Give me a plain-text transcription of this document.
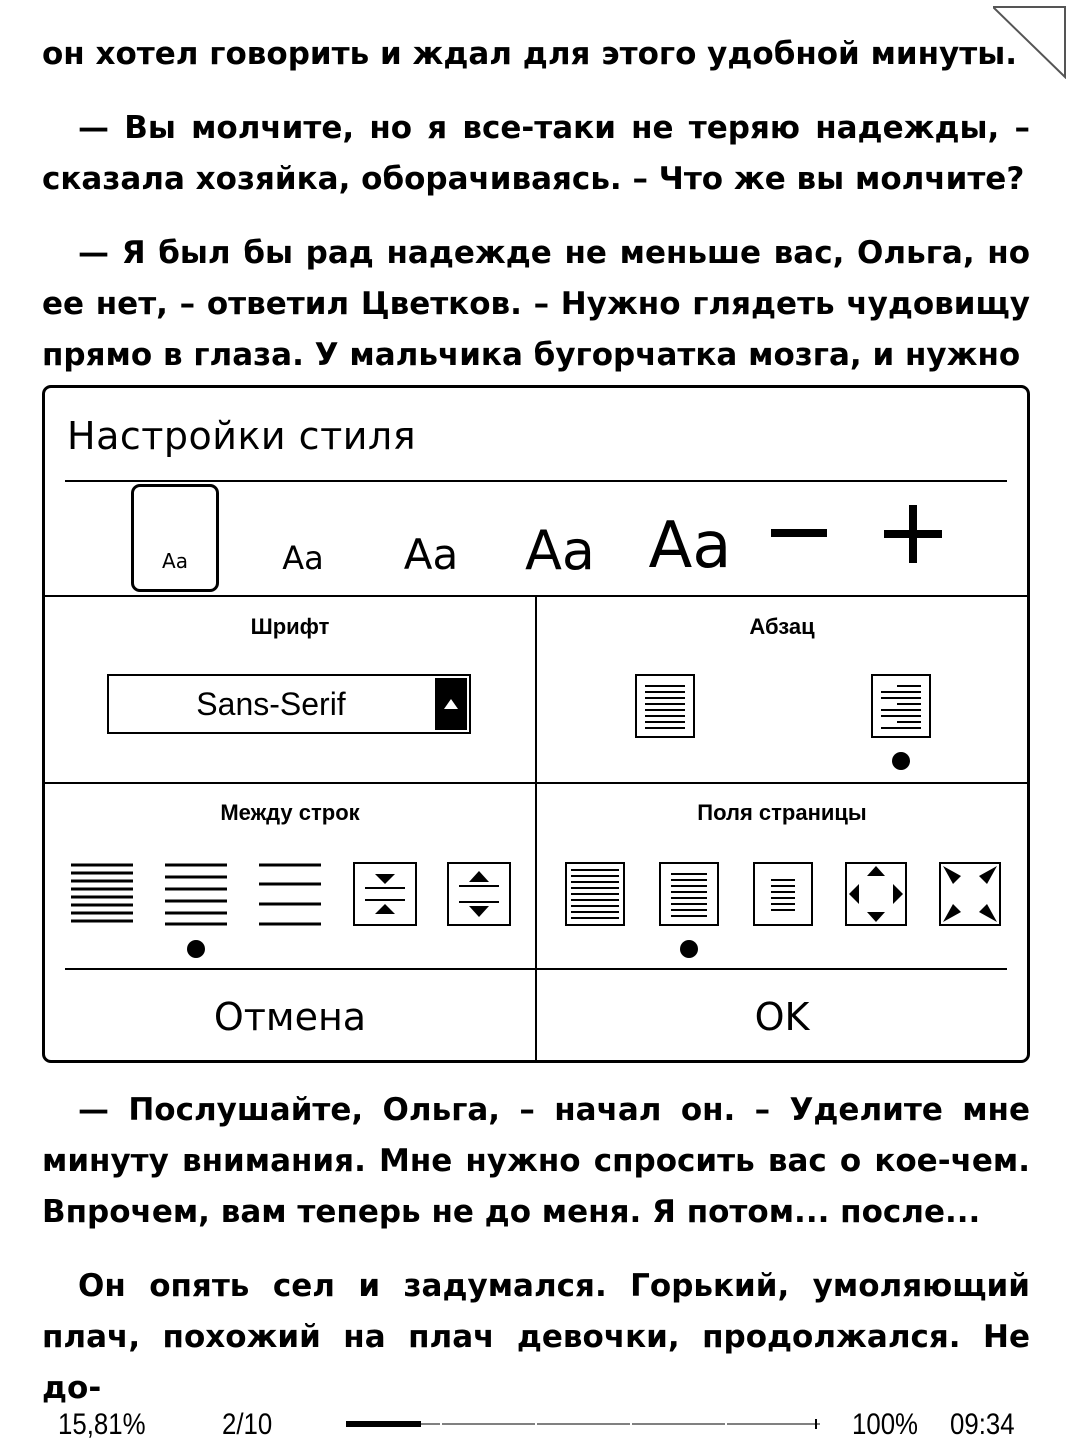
он хотел говорить и ждал для этого удобной минуты.

— Вы молчите, но я все-таки не теряю надежды, – сказала хозяйка, оборачиваясь. – Что же вы молчите?

— Я был бы рад надежде не меньше вас, Ольга, но ее нет, – ответил Цветков. – Нужно глядеть чудовищу прямо в глаза. У мальчика бугорчатка мозга, и нужно

— Послушайте, Ольга, – начал он. – Уделите мне минуту внимания. Мне нужно спросить вас о кое-чем. Впрочем, вам теперь не до меня. Я потом... после...

Он опять сел и задумался. Горький, умоляющий плач, похожий на плач девочки, продолжался. Не до-

Настройки стиля
Aa	Aa Aa Aa Aa
Шрифт
Sans-Serif
Абзац
Между строк	Поля страницы
Отмена	OK
15,81%	2/10	100% 09:34
